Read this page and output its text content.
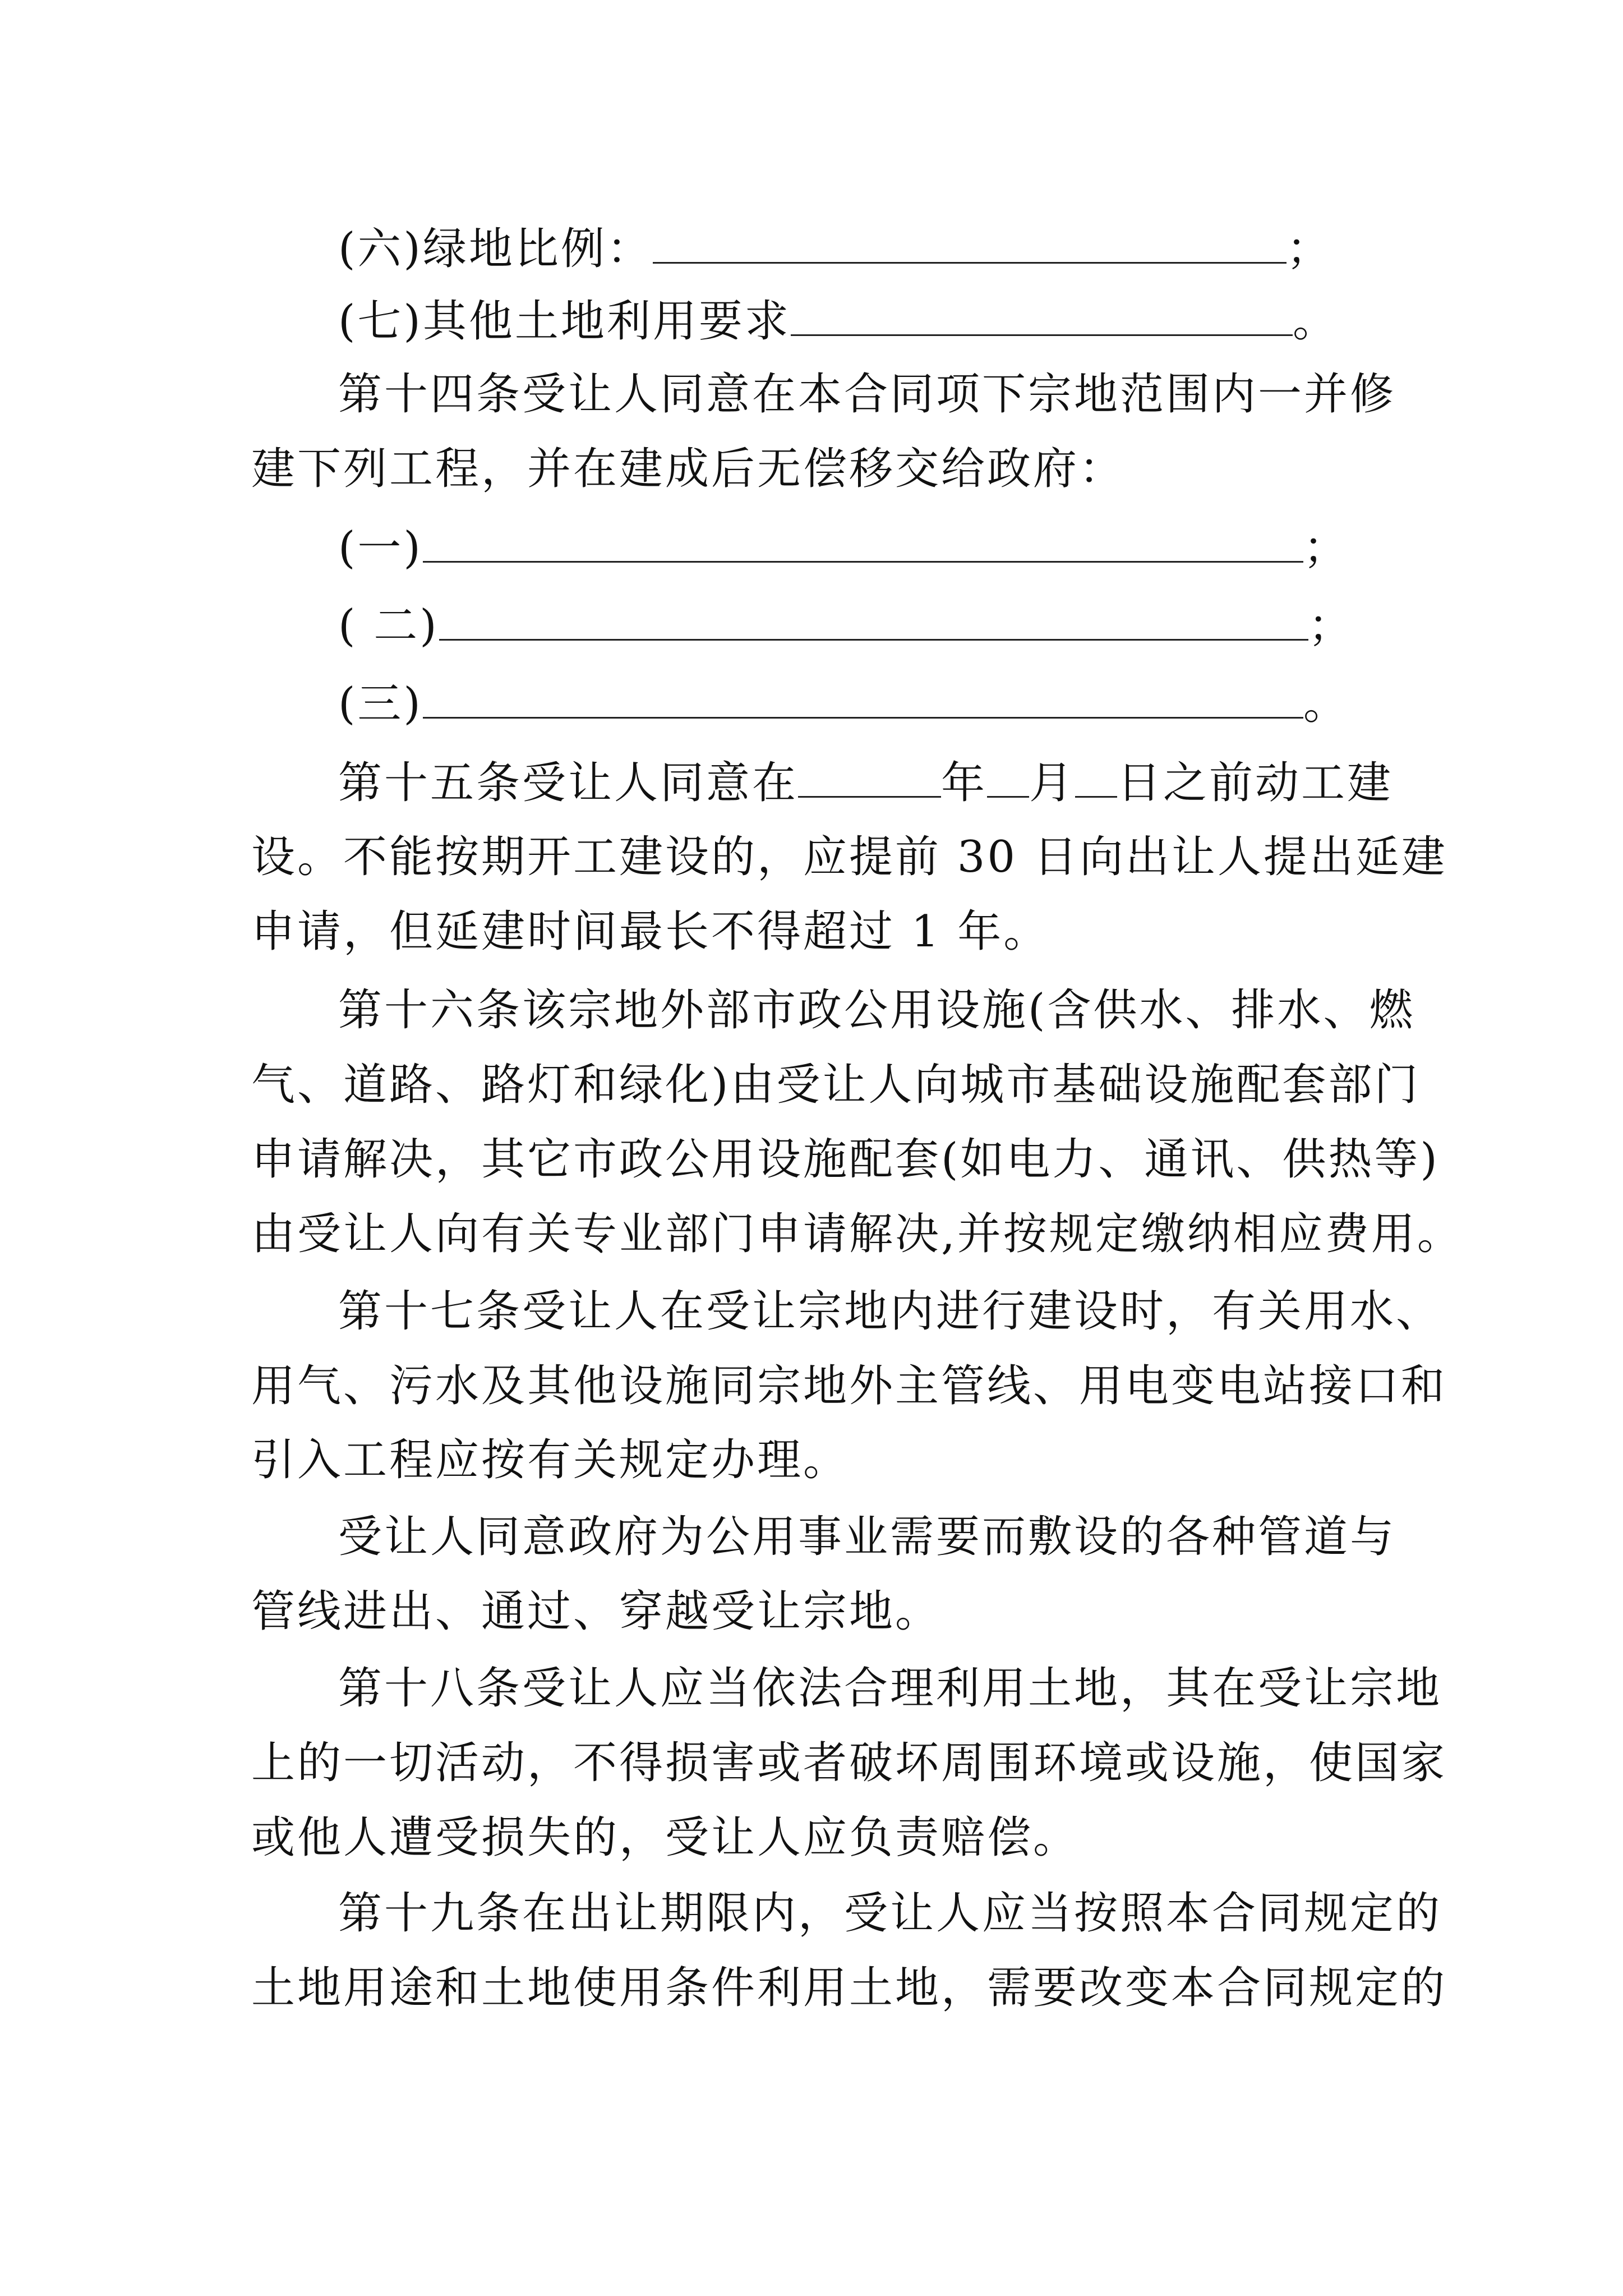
(六)绿地比例：	；
(七)其他土地利用要求	。
第十四条受让人同意在本合同项下宗地范围内一并修
建下列工程，并在建成后无偿移交给政府：
(一)	；
( 二)	；
(三)	。
第十五条受让人同意在	年 月 日之前动工建
设。不能按期开工建设的，应提前 30 日向出让人提出延建
申请，但延建时间最长不得超过 1 年。
第十六条该宗地外部市政公用设施(含供水、排水、燃
气、道路、路灯和绿化)由受让人向城市基础设施配套部门
申请解决，其它市政公用设施配套(如电力、通讯、供热等)
由受让人向有关专业部门申请解决,并按规定缴纳相应费用。
第十七条受让人在受让宗地内进行建设时，有关用水、
用气、污水及其他设施同宗地外主管线、用电变电站接口和
引入工程应按有关规定办理。
受让人同意政府为公用事业需要而敷设的各种管道与
管线进出、通过、穿越受让宗地。
第十八条受让人应当依法合理利用土地，其在受让宗地
上的一切活动，不得损害或者破坏周围环境或设施，使国家
或他人遭受损失的，受让人应负责赔偿。
第十九条在出让期限内，受让人应当按照本合同规定的
土地用途和土地使用条件利用土地，需要改变本合同规定的
